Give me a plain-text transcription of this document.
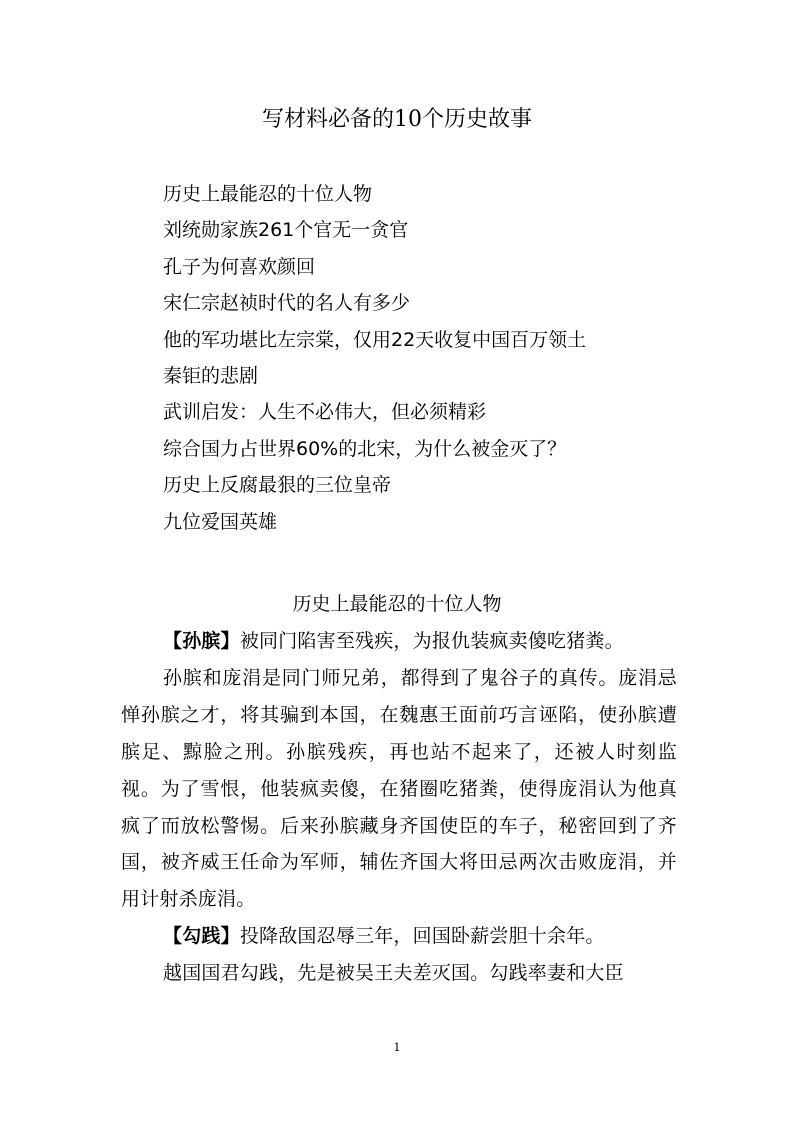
写材料必备的10个历史故事
历史上最能忍的十位人物
刘统勋家族261个官无一贪官
孔子为何喜欢颜回
宋仁宗赵祯时代的名人有多少
他的军功堪比左宗棠，仅用22天收复中国百万领土
秦钜的悲剧
武训启发：人生不必伟大，但必须精彩
综合国力占世界60%的北宋，为什么被金灭了？
历史上反腐最狠的三位皇帝
九位爱国英雄
历史上最能忍的十位人物

【孙膑】被同门陷害至残疾，为报仇装疯卖傻吃猪粪。

孙膑和庞涓是同门师兄弟，都得到了鬼谷子的真传。庞涓忌惮孙膑之才，将其骗到本国，在魏惠王面前巧言诬陷，使孙膑遭膑足、黥脸之刑。孙膑残疾，再也站不起来了，还被人时刻监视。为了雪恨，他装疯卖傻，在猪圈吃猪粪，使得庞涓认为他真疯了而放松警惕。后来孙膑藏身齐国使臣的车子，秘密回到了齐国，被齐威王任命为军师，辅佐齐国大将田忌两次击败庞涓，并用计射杀庞涓。

【勾践】投降敌国忍辱三年，回国卧薪尝胆十余年。

越国国君勾践，先是被吴王夫差灭国。勾践率妻和大臣

1
